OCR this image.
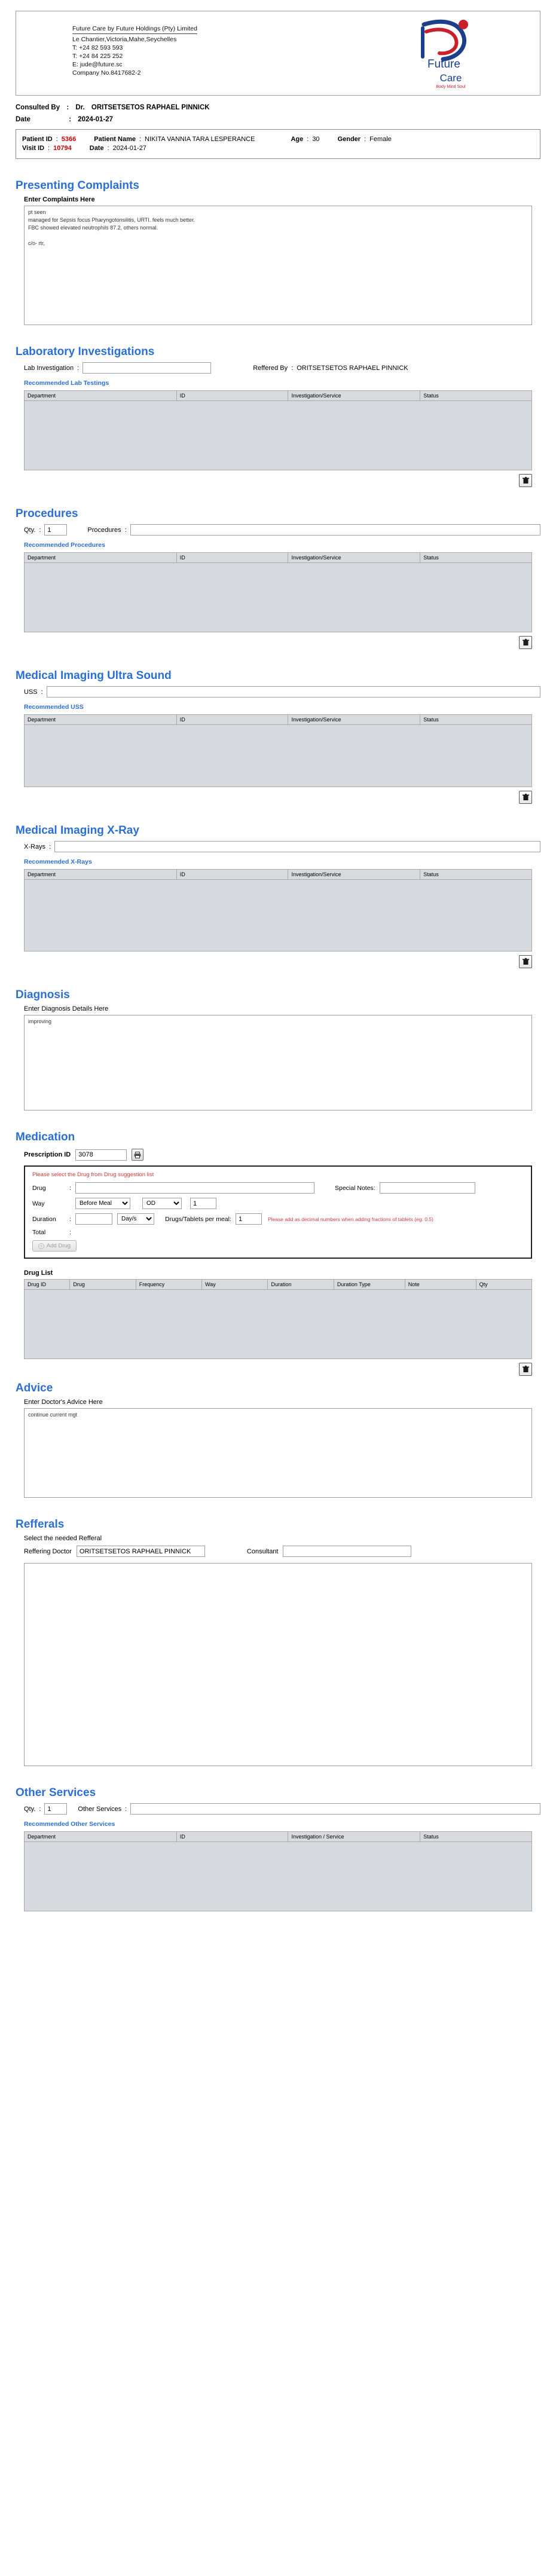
Future Care by Future Holdings (Pty) Limited
Le Chantier,Victoria,Mahe,Seychelles
T: +24 82 593 593
T: +24 84 225 252
E: jude@future.sc
Company No.8417682-2
Future
Care
Body Mind Soul
Consulted By : Dr. ORITSETSETOS RAPHAEL PINNICK
Date	: 2024-01-27
Patient ID : 5366	Patient Name : NIKITA VANNIA TARA LESPERANCE	Age : 30	Gender : Female
Visit ID : 10794	Date : 2024-01-27
Presenting Complaints
Enter Complaints Here
pt seen managed for Sepsis focus Pharyngotonsilitis, URTI. feels much better. FBC showed elevated neutrophils 87.2, others normal. c/o- rtr,
Laboratory Investigations
Lab Investigation :	Reffered By : ORITSETSETOS RAPHAEL PINNICK
Recommended Lab Testings
Department	ID	Investigation/Service	Status
Procedures
Qty. :
1	Procedures :
Recommended Procedures
Department	ID	Investigation/Service	Status
Medical Imaging Ultra Sound
USS :
Recommended USS
Department	ID	Investigation/Service	Status
Medical Imaging X-Ray
X-Rays :
Recommended X-Rays
Department	ID	Investigation/Service	Status
Diagnosis
Enter Diagnosis Details Here
improving
Medication
Prescription ID
3078
Please select the Drug from Drug suggestion list
Drug	:	Special Notes :
Way
Before Meal
OD
1
Duration	:
Day/s	Drugs/Tablets per meal :
1	Please add as decimal numbers when adding fractions of tablets (eg: 0.5)
Total	:
+ Add Drug
Drug List
Drug ID	Drug	Frequency	Way	Duration	Duration Type	Note	Qty
Advice
Enter Doctor's Advice Here
continue current mgt
Refferals
Select the needed Refferal
Reffering Doctor
ORITSETSETOS RAPHAEL PINNICK	Consultant
Other Services
Qty. :
1	Other Services :
Recommended Other Services
Department	ID	Investigation / Service	Status
